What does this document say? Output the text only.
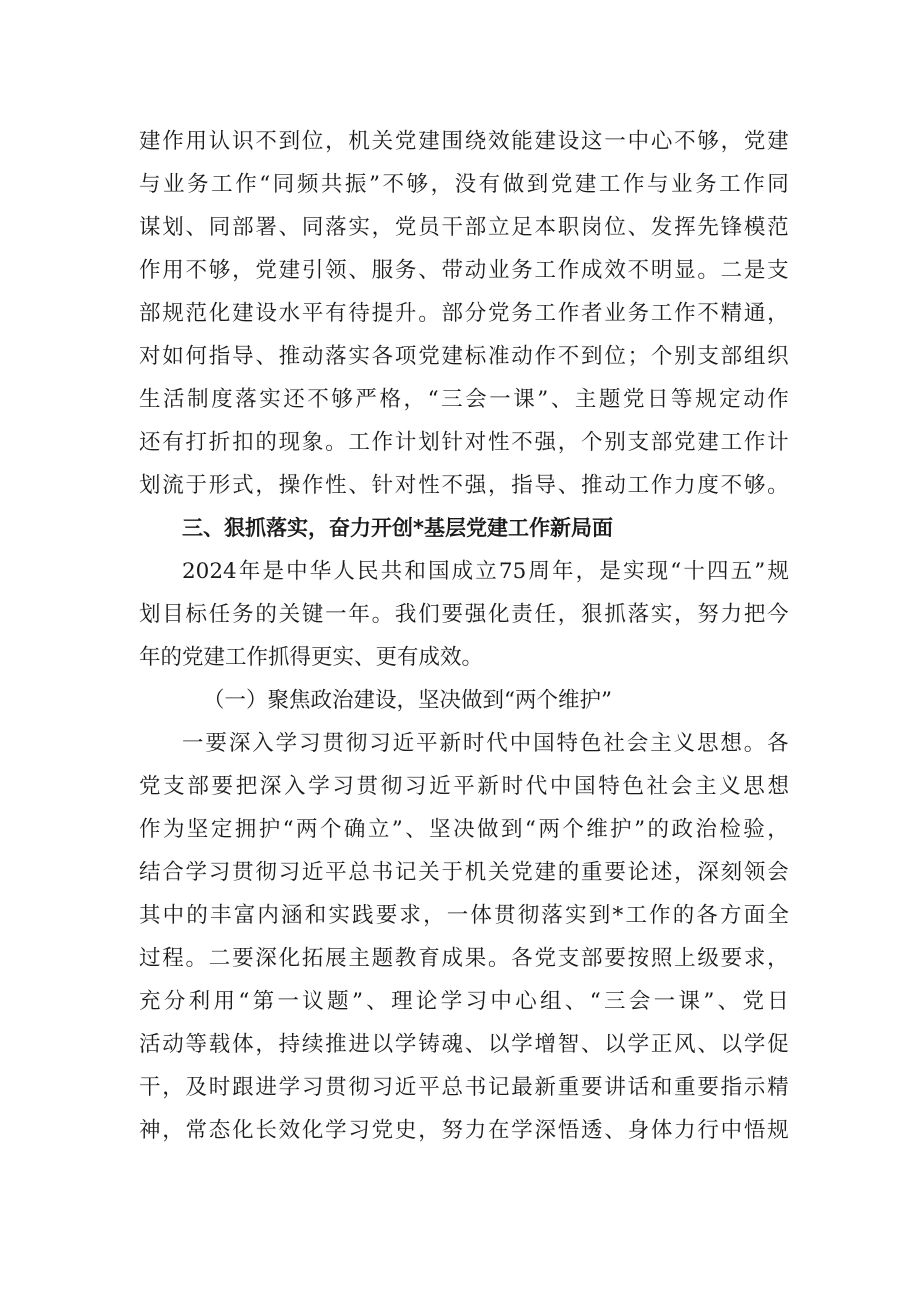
建 作 用 认 识 不 到 位 ， 机 关 党 建 围 绕 效 能 建 设 这 一 中 心 不 够 ， 党 建
与 业 务 工 作 “ 同 频 共 振 ” 不 够 ， 没 有 做 到 党 建 工 作 与 业 务 工 作 同
谋 划 、 同 部 署 、 同 落 实 ， 党 员 干 部 立 足 本 职 岗 位 、 发 挥 先 锋 模 范
作 用 不 够 ， 党 建 引 领 、 服 务 、 带 动 业 务 工 作 成 效 不 明 显 。 二 是 支
部 规 范 化 建 设 水 平 有 待 提 升 。 部 分 党 务 工 作 者 业 务 工 作 不 精 通 ，
对 如 何 指 导 、 推 动 落 实 各 项 党 建 标 准 动 作 不 到 位 ； 个 别 支 部 组 织
生 活 制 度 落 实 还 不 够 严 格 ， “ 三 会 一 课 ” 、 主 题 党 日 等 规 定 动 作
还 有 打 折 扣 的 现 象 。 工 作 计 划 针 对 性 不 强 ， 个 别 支 部 党 建 工 作 计
划 流 于 形 式 ， 操 作 性 、 针 对 性 不 强 ， 指 导 、 推 动 工 作 力 度 不 够 。
三、狠抓落实，奋力开创*基层党建工作新局面
2024 年 是 中 华 人 民 共 和 国 成 立 75 周 年 ， 是 实 现 “ 十 四 五 ” 规
划 目 标 任 务 的 关 键 一 年 。 我 们 要 强 化 责 任 ， 狠 抓 落 实 ， 努 力 把 今
年的党建工作抓得更实、更有成效。
（一）聚焦政治建设，坚决做到“两个维护”
一 要 深 入 学 习 贯 彻 习 近 平 新 时 代 中 国 特 色 社 会 主 义 思 想 。 各
党 支 部 要 把 深 入 学 习 贯 彻 习 近 平 新 时 代 中 国 特 色 社 会 主 义 思 想
作 为 坚 定 拥 护 “ 两 个 确 立 ” 、 坚 决 做 到 “ 两 个 维 护 ” 的 政 治 检 验 ，
结 合 学 习 贯 彻 习 近 平 总 书 记 关 于 机 关 党 建 的 重 要 论 述 ， 深 刻 领 会
其 中 的 丰 富 内 涵 和 实 践 要 求 ， 一 体 贯 彻 落 实 到 * 工 作 的 各 方 面 全
过 程 。 二 要 深 化 拓 展 主 题 教 育 成 果 。 各 党 支 部 要 按 照 上 级 要 求 ，
充 分 利 用 “ 第 一 议 题 ” 、 理 论 学 习 中 心 组 、 “ 三 会 一 课 ” 、 党 日
活 动 等 载 体 ， 持 续 推 进 以 学 铸 魂 、 以 学 增 智 、 以 学 正 风 、 以 学 促
干 ， 及 时 跟 进 学 习 贯 彻 习 近 平 总 书 记 最 新 重 要 讲 话 和 重 要 指 示 精
神 ， 常 态 化 长 效 化 学 习 党 史 ， 努 力 在 学 深 悟 透 、 身 体 力 行 中 悟 规
